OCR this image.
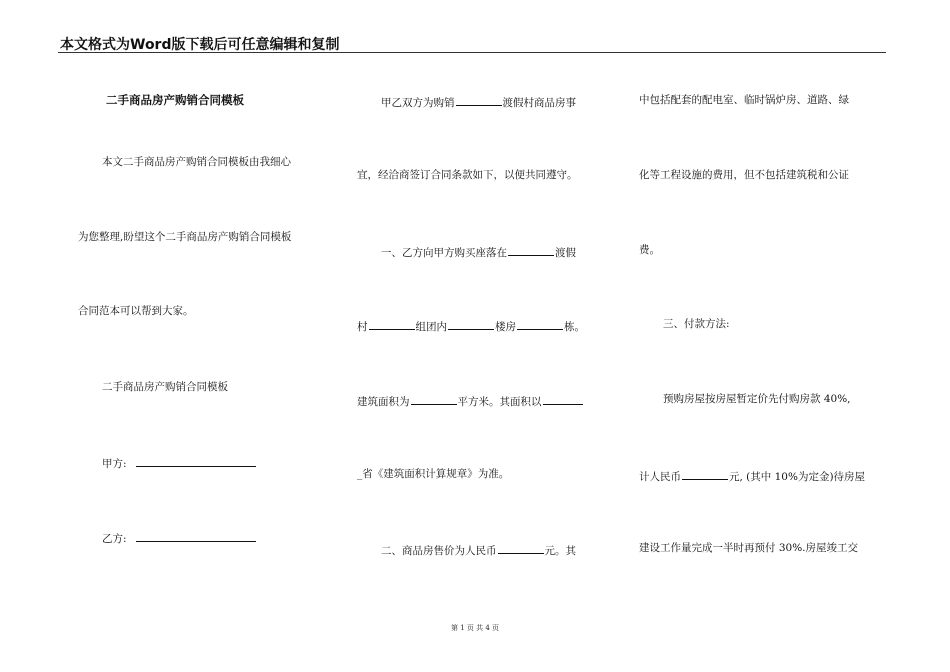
本文格式为Word版下载后可任意编辑和复制
二手商品房产购销合同模板
本文二手商品房产购销合同模板由我细心
为您整理,盼望这个二手商品房产购销合同模板
合同范本可以帮到大家。
二手商品房产购销合同模板
甲方:
乙方:
甲乙双方为购销	渡假村商品房事
宜，经洽商签订合同条款如下，以便共同遵守。
一、乙方向甲方购买座落在	渡假
村	组团内	楼房	栋。
建筑面积为	平方米。其面积以
_省《建筑面积计算规章》为准。
二、商品房售价为人民币	元。其
中包括配套的配电室、临时锅炉房、道路、绿
化等工程设施的费用，但不包括建筑税和公证
费。
三、付款方法:
预购房屋按房屋暂定价先付购房款 40%,
计人民币	元, (其中 10%为定金)待房屋
建设工作量完成一半时再预付 30%.房屋竣工交
第 1 页 共 4 页
